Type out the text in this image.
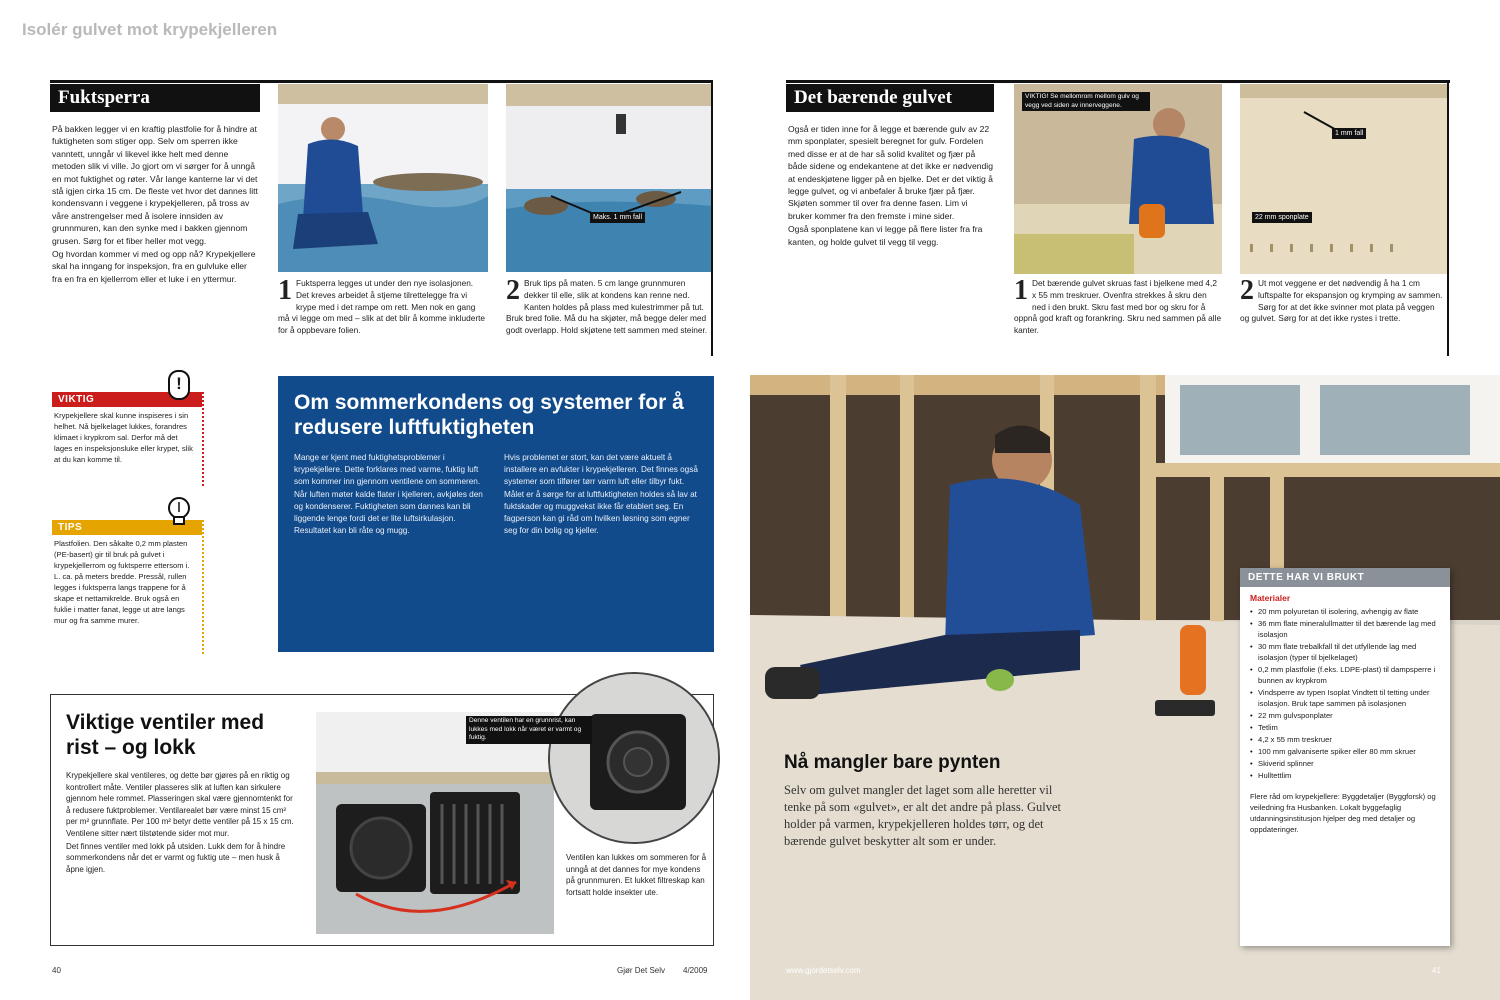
Isolér gulvet mot krypekjelleren
Fuktsperra

På bakken legger vi en kraftig plastfolie for å hindre at fuktigheten som stiger opp. Selv om sperren ikke vanntett, unngår vi likevel ikke helt med denne metoden slik vi ville. Jo gjort om vi sørger for å unngå en mot fuktighet og røter. Vår lange kanterne lar vi det stå igjen cirka 15 cm. De fleste vet hvor det dannes litt kondensvann i veggene i krypekjelleren, på tross av våre anstrengelser med å isolere innsiden av grunnmuren, kan den synke med i bakken gjennom grusen. Sørg for et fiber heller mot vegg.

Og hvordan kommer vi med og opp nå? Krypekjellere skal ha inngang for inspeksjon, fra en gulvluke eller fra en fra en kjellerrom eller et luke i en yttermur.

Maks. 1 mm fall
1 Fuktsperra legges ut under den nye isolasjonen. Det kreves arbeidet å stjeme tilrettelegge fra vi krype med i det rampe om rett. Men nok en gang må vi legge om med – slik at det blir å komme inkluderte for å oppbevare folien.
2 Bruk tips på maten. 5 cm lange grunnmuren dekker til elle, slik at kondens kan renne ned. Kanten holdes på plass med kulestrimmer på tut. Bruk bred folie. Må du ha skjøter, må begge deler med godt overlapp. Hold skjøtene tett sammen med steiner.
VIKTIG
Krypekjellere skal kunne inspiseres i sin helhet. Nå bjelkelaget lukkes, forandres klimaet i krypkrom sal. Derfor må det lages en inspeksjonsluke eller krypet, slik at du kan komme til.
!
TIPS
Plastfolien. Den såkalte 0,2 mm plasten (PE-basert) gir til bruk på gulvet i krypekjellerrom og fuktsperre ettersom i. L. ca. på meters bredde. Pressål, rullen legges i fuktsperra langs trappene for å skape et nettamikrelde. Bruk også en fuklie i matter fanat, legge ut atre langs mur og fra samme murer.
Om sommerkondens og systemer for å redusere luftfuktigheten
Mange er kjent med fuktighetsproblemer i krypekjellere. Dette forklares med varme, fuktig luft som kommer inn gjennom ventilene om sommeren. Når luften møter kalde flater i kjelleren, avkjøles den og kondenserer. Fuktigheten som dannes kan bli liggende lenge fordi det er lite luftsirkulasjon. Resultatet kan bli råte og mugg.
Hvis problemet er stort, kan det være aktuelt å installere en avfukter i krypekjelleren. Det finnes også systemer som tilfører tørr varm luft eller tilbyr fukt. Målet er å sørge for at luftfuktigheten holdes så lav at fuktskader og muggvekst ikke får etablert seg. En fagperson kan gi råd om hvilken løsning som egner seg for din bolig og kjeller.
Viktige ventiler med rist – og lokk

Krypekjellere skal ventileres, og dette bør gjøres på en riktig og kontrollert måte. Ventiler plasseres slik at luften kan sirkulere gjennom hele rommet. Plasseringen skal være gjennomtenkt for å redusere fuktproblemer. Ventilarealet bør være minst 15 cm² per m² grunnflate. Per 100 m² betyr dette ventiler på 15 x 15 cm. Ventilene sitter nært tilstøtende sider mot mur.

Det finnes ventiler med lokk på utsiden. Lukk dem for å hindre sommerkondens når det er varmt og fuktig ute – men husk å åpne igjen.

Denne ventilen har en grunnrist, kan lukkes med lokk når været er varmt og fuktig.
Ventilen kan lukkes om sommeren for å unngå at det dannes for mye kondens på grunnmuren. Et lukket filtreskap kan fortsatt holde insekter ute.
40	Gjør Det Selv 4/2009
Det bærende gulvet

Også er tiden inne for å legge et bærende gulv av 22 mm sponplater, spesielt beregnet for gulv. Fordelen med disse er at de har så solid kvalitet og fjær på både sidene og endekantene at det ikke er nødvendig at endeskjøtene ligger på en bjelke. Det er det viktig å legge gulvet, og vi anbefaler å bruke fjær på fjær. Skjøten sommer til over fra denne fasen. Lim vi bruker kommer fra den fremste i mine sider.

Også sponplatene kan vi legge på flere lister fra fra kanten, og holde gulvet til vegg til vegg.

VIKTIG! Se mellomrom mellom gulv og vegg ved siden av innerveggene.
1 mm fall
22 mm sponplate
1 Det bærende gulvet skruas fast i bjelkene med 4,2 x 55 mm treskruer. Ovenfra strekkes å skru den ned i den brukt. Skru fast med bor og skru for å oppnå god kraft og forankring. Skru ned sammen på alle kanter.
2 Ut mot veggene er det nødvendig å ha 1 cm luftspalte for ekspansjon og krymping av sammen. Sørg for at det ikke svinner mot plata på veggen og gulvet. Sørg for at det ikke rystes i trette.
Nå mangler bare pynten
Selv om gulvet mangler det laget som alle heretter vil tenke på som «gulvet», er alt det andre på plass. Gulvet holder på varmen, krypekjelleren holdes tørr, og det bærende gulvet beskytter alt som er under.
DETTE HAR VI BRUKT
Materialer
• 20 mm polyuretan til isolering, avhengig av flate
• 36 mm flate mineralullmatter til det bærende lag med isolasjon
• 30 mm flate trebalkfall til det utfyllende lag med isolasjon (typer til bjelkelaget)
• 0,2 mm plastfolie (f.eks. LDPE-plast) til dampsperre i bunnen av krypkrom
• Vindsperre av typen Isoplat Vindtett til tetting under isolasjon. Bruk tape sammen på isolasjonen
• 22 mm gulvsponplater
• Tetlim
• 4,2 x 55 mm treskruer
• 100 mm galvaniserte spiker eller 80 mm skruer
• Skiverid splinner
• Hulltettlim
Flere råd om krypekjellere: Byggdetaljer (Byggforsk) og veiledning fra Husbanken. Lokalt byggefaglig utdanningsinstitusjon hjelper deg med detaljer og oppdateringer.
www.gjordetselv.com	41
